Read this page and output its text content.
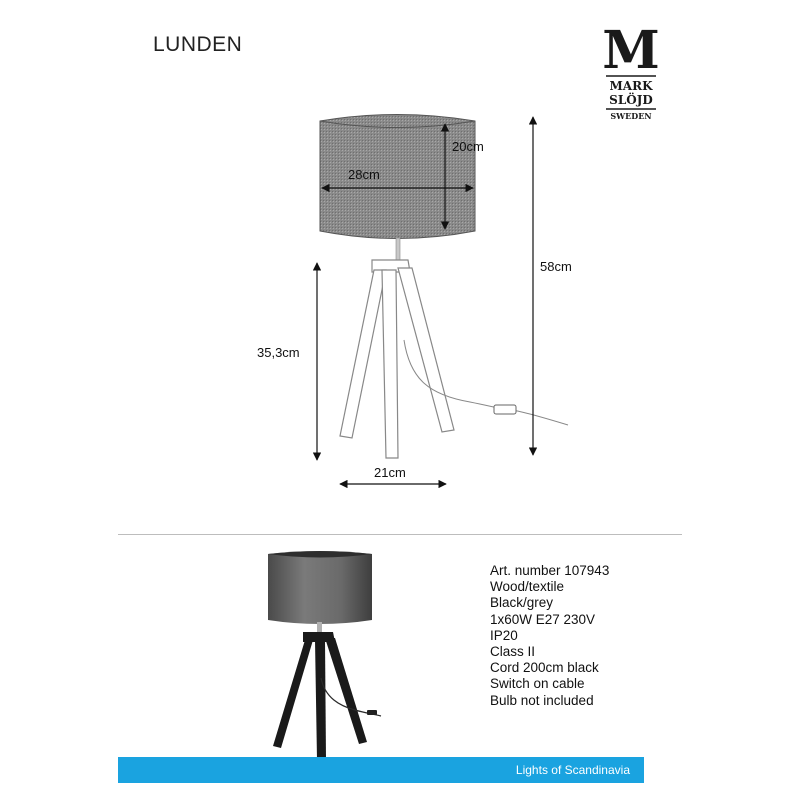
LUNDEN	M
MARK
SLÖJD
SWEDEN
20cm
28cm
58cm
35,3cm
21cm
Art. number 107943
Wood/textile
Black/grey
1x60W E27 230V
IP20
Class II
Cord 200cm black
Switch on cable
Bulb not included
Lights of Scandinavia
